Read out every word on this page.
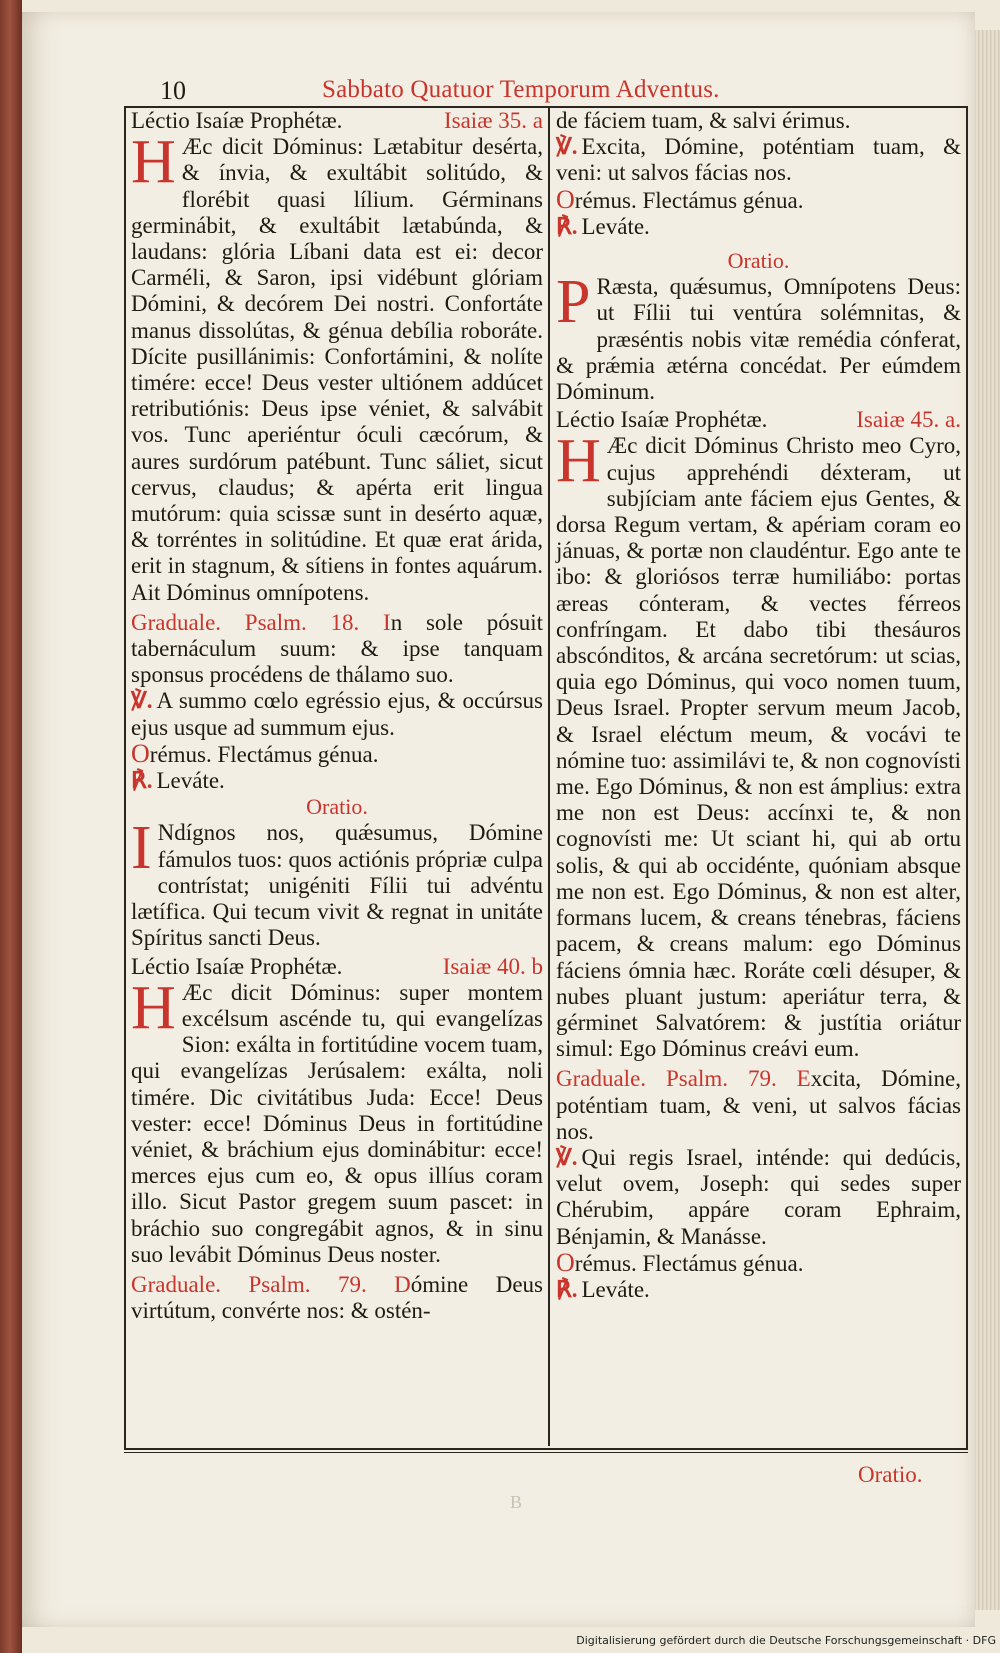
10	Sabbato Quatuor Temporum Adventus.

Léctio Isaíæ Prophétæ.	Isaiæ 35. a

H Æc dicit Dóminus: Lætabitur desérta, & ínvia, & exultábit solitúdo, & florébit quasi lílium. Gérminans germinábit, & exultábit lætabúnda, & laudans: glória Líbani data est ei: decor Carméli, & Saron, ipsi vidébunt glóriam Dómini, & decórem Dei nostri. Confortáte manus dissolútas, & génua debília roboráte. Dícite pusillánimis: Confortámini, & nolíte timére: ecce! Deus vester ultiónem addúcet retributiónis: Deus ipse véniet, & salvábit vos. Tunc aperiéntur óculi cæcórum, & aures surdórum patébunt. Tunc sáliet, sicut cervus, claudus; & apérta erit lingua mutórum: quia scissæ sunt in desérto aquæ, & torréntes in solitúdine. Et quæ erat árida, erit in stagnum, & sítiens in fontes aquárum. Ait Dóminus omnípotens.

Graduale. Psalm. 18. In sole pósuit tabernáculum suum: & ipse tanquam sponsus procédens de thálamo suo.

℣. A summo cœlo egréssio ejus, & occúrsus ejus usque ad summum ejus.

Orémus. Flectámus génua.

℟. Leváte.

Oratio.

I Ndígnos nos, quǽsumus, Dómine fámulos tuos: quos actiónis própriæ culpa contrístat; unigéniti Fílii tui advéntu lætífica. Qui tecum vivit & regnat in unitáte Spíritus sancti Deus.

Léctio Isaíæ Prophétæ.	Isaiæ 40. b

H Æc dicit Dóminus: super montem excélsum ascénde tu, qui evangelízas Sion: exálta in fortitúdine vocem tuam, qui evangelízas Jerúsalem: exálta, noli timére. Dic civitátibus Juda: Ecce! Deus vester: ecce! Dóminus Deus in fortitúdine véniet, & bráchium ejus dominábitur: ecce! merces ejus cum eo, & opus illíus coram illo. Sicut Pastor gregem suum pascet: in bráchio suo congregábit agnos, & in sinu suo levábit Dóminus Deus noster.

Graduale. Psalm. 79. Dómine Deus virtútum, convérte nos: & ostén‑

de fáciem tuam, & salvi érimus.

℣. Excita, Dómine, poténtiam tuam, & veni: ut salvos fácias nos.

Orémus. Flectámus génua.

℟. Leváte.

Oratio.

P Ræsta, quǽsumus, Omnípotens Deus: ut Fílii tui ventúra solémnitas, & præséntis nobis vitæ remédia cónferat, & prǽmia ætérna concédat. Per eúmdem Dóminum.

Léctio Isaíæ Prophétæ.	Isaiæ 45. a.

H Æc dicit Dóminus Christo meo Cyro, cujus apprehéndi déxteram, ut subjíciam ante fáciem ejus Gentes, & dorsa Regum vertam, & apériam coram eo jánuas, & portæ non claudéntur. Ego ante te ibo: & gloriósos terræ humiliábo: portas æreas cónteram, & vectes férreos confríngam. Et dabo tibi thesáuros abscónditos, & arcána secretórum: ut scias, quia ego Dóminus, qui voco nomen tuum, Deus Israel. Propter servum meum Jacob, & Israel eléctum meum, & vocávi te nómine tuo: assimilávi te, & non cognovísti me. Ego Dóminus, & non est ámplius: extra me non est Deus: accínxi te, & non cognovísti me: Ut sciant hi, qui ab ortu solis, & qui ab occidénte, quóniam absque me non est. Ego Dóminus, & non est alter, formans lucem, & creans ténebras, fáciens pacem, & creans malum: ego Dóminus fáciens ómnia hæc. Roráte cœli désuper, & nubes pluant justum: aperiátur terra, & gérminet Salvatórem: & justítia oriátur simul: Ego Dóminus creávi eum.

Graduale. Psalm. 79. Excita, Dómine, poténtiam tuam, & veni, ut salvos fácias nos.

℣. Qui regis Israel, inténde: qui dedúcis, velut ovem, Joseph: qui sedes super Chérubim, appáre coram Ephraim, Bénjamin, & Manásse.

Orémus. Flectámus génua.

℟. Leváte.

Oratio.
B
Digitalisierung gefördert durch die Deutsche Forschungsgemeinschaft · DFG
